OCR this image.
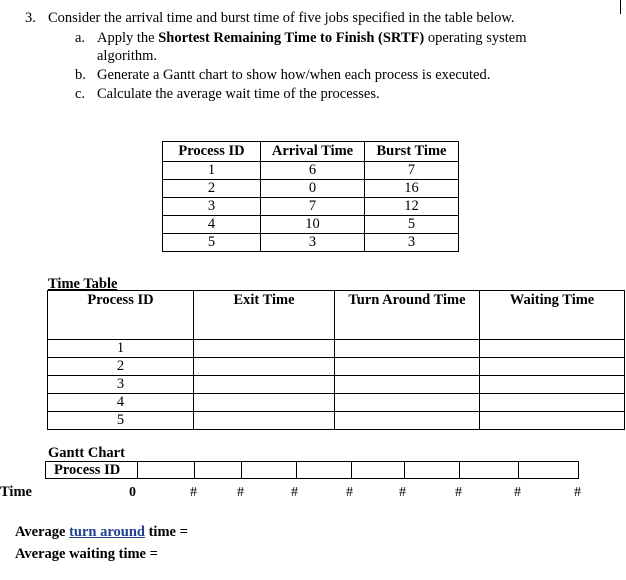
3. Consider the arrival time and burst time of five jobs specified in the table below.
a. Apply the Shortest Remaining Time to Finish (SRTF) operating system
algorithm.
b. Generate a Gantt chart to show how/when each process is executed.
c. Calculate the average wait time of the processes.
Process ID	Arrival Time	Burst Time
1	6	7
2	0	16
3	7	12
4	10	5
5	3	3
Time Table
Process ID	Exit Time	Turn Around Time	Waiting Time
1			
2			
3			
4			
5			
Gantt Chart
Process ID
Time	0	#	#	#	#	#	#	#	#
Average turn around time =
Average waiting time =
